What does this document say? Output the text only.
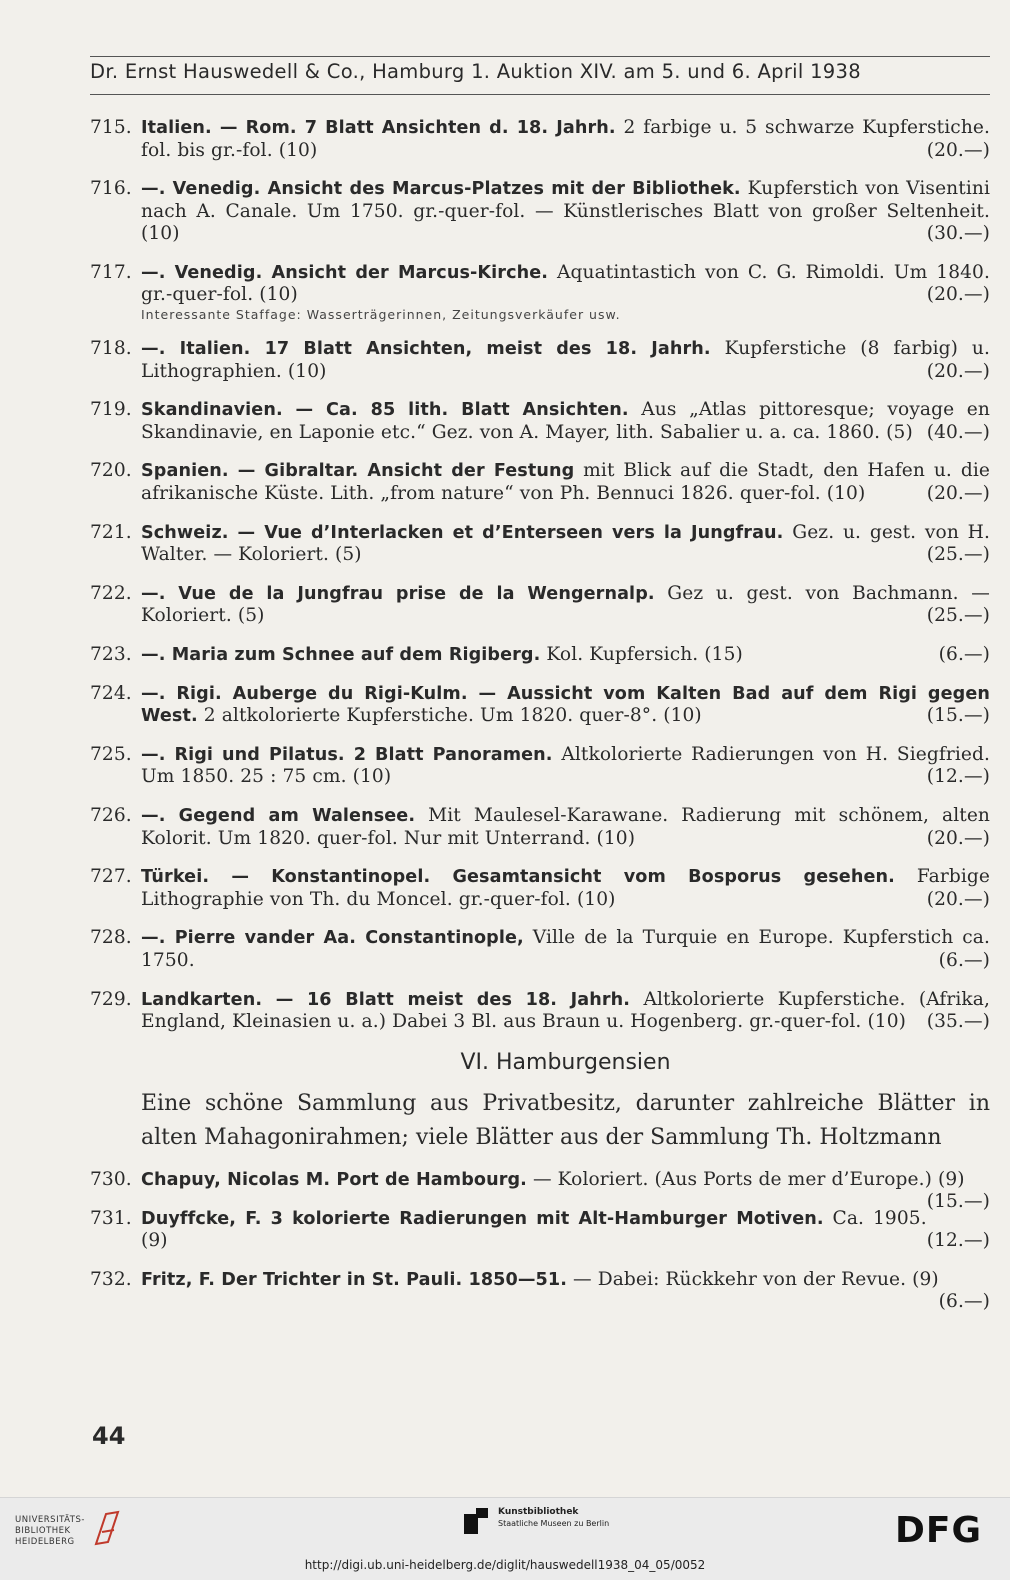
Dr. Ernst Hauswedell & Co., Hamburg 1. Auktion XIV. am 5. und 6. April 1938
715. Italien. — Rom. 7 Blatt Ansichten d. 18. Jahrh. 2 farbige u. 5 schwarze Kupferstiche. fol. bis gr.-fol. (10)	(20.—)
716. —. Venedig. Ansicht des Marcus-Platzes mit der Bibliothek. Kupferstich von Visentini nach A. Canale. Um 1750. gr.-quer-fol. — Künstlerisches Blatt von großer Seltenheit. (10)	(30.—)
717. —. Venedig. Ansicht der Marcus-Kirche. Aquatintastich von C. G. Rimoldi. Um 1840. gr.-quer-fol. (10)	(20.—)
Interessante Staffage: Wasserträgerinnen, Zeitungsverkäufer usw.
718. —. Italien. 17 Blatt Ansichten, meist des 18. Jahrh. Kupferstiche (8 farbig) u. Lithographien. (10)	(20.—)
719. Skandinavien. — Ca. 85 lith. Blatt Ansichten. Aus „Atlas pittoresque; voyage en Skandinavie, en Laponie etc.“ Gez. von A. Mayer, lith. Sabalier u. a. ca. 1860. (5) (40.—)
720. Spanien. — Gibraltar. Ansicht der Festung mit Blick auf die Stadt, den Hafen u. die afrikanische Küste. Lith. „from nature“ von Ph. Bennuci 1826. quer-fol. (10)	(20.—)
721. Schweiz. — Vue d’Interlacken et d’Enterseen vers la Jungfrau. Gez. u. gest. von H. Walter. — Koloriert. (5)	(25.—)
722. —. Vue de la Jungfrau prise de la Wengernalp. Gez u. gest. von Bachmann. — Koloriert. (5)	(25.—)
723. —. Maria zum Schnee auf dem Rigiberg. Kol. Kupfersich. (15)	(6.—)
724. —. Rigi. Auberge du Rigi-Kulm. — Aussicht vom Kalten Bad auf dem Rigi gegen West. 2 altkolorierte Kupferstiche. Um 1820. quer-8°. (10)	(15.—)
725. —. Rigi und Pilatus. 2 Blatt Panoramen. Altkolorierte Radierungen von H. Siegfried. Um 1850. 25 : 75 cm. (10)	(12.—)
726. —. Gegend am Walensee. Mit Maulesel-Karawane. Radierung mit schönem, alten Kolorit. Um 1820. quer-fol. Nur mit Unterrand. (10)	(20.—)
727. Türkei. — Konstantinopel. Gesamtansicht vom Bosporus gesehen. Farbige Lithographie von Th. du Moncel. gr.-quer-fol. (10)	(20.—)
728. —. Pierre vander Aa. Constantinople, Ville de la Turquie en Europe. Kupferstich ca. 1750.	(6.—)
729. Landkarten. — 16 Blatt meist des 18. Jahrh. Altkolorierte Kupferstiche. (Afrika, England, Kleinasien u. a.) Dabei 3 Bl. aus Braun u. Hogenberg. gr.-quer-fol. (10) (35.—)
VI. Hamburgensien
Eine schöne Sammlung aus Privatbesitz, darunter zahlreiche Blätter in alten Mahagonirahmen; viele Blätter aus der Sammlung Th. Holtzmann
730. Chapuy, Nicolas M. Port de Hambourg. — Koloriert. (Aus Ports de mer d’Europe.) (9)
(15.—)
731. Duyffcke, F. 3 kolorierte Radierungen mit Alt-Hamburger Motiven. Ca. 1905. (9)	(12.—)
732. Fritz, F. Der Trichter in St. Pauli. 1850—51. — Dabei: Rückkehr von der Revue. (9)
(6.—)
44
UNIVERSITÄTS-
BIBLIOTHEK
HEIDELBERG
Kunstbibliothek
Staatliche Museen zu Berlin	DFG
http://digi.ub.uni-heidelberg.de/diglit/hauswedell1938_04_05/0052
